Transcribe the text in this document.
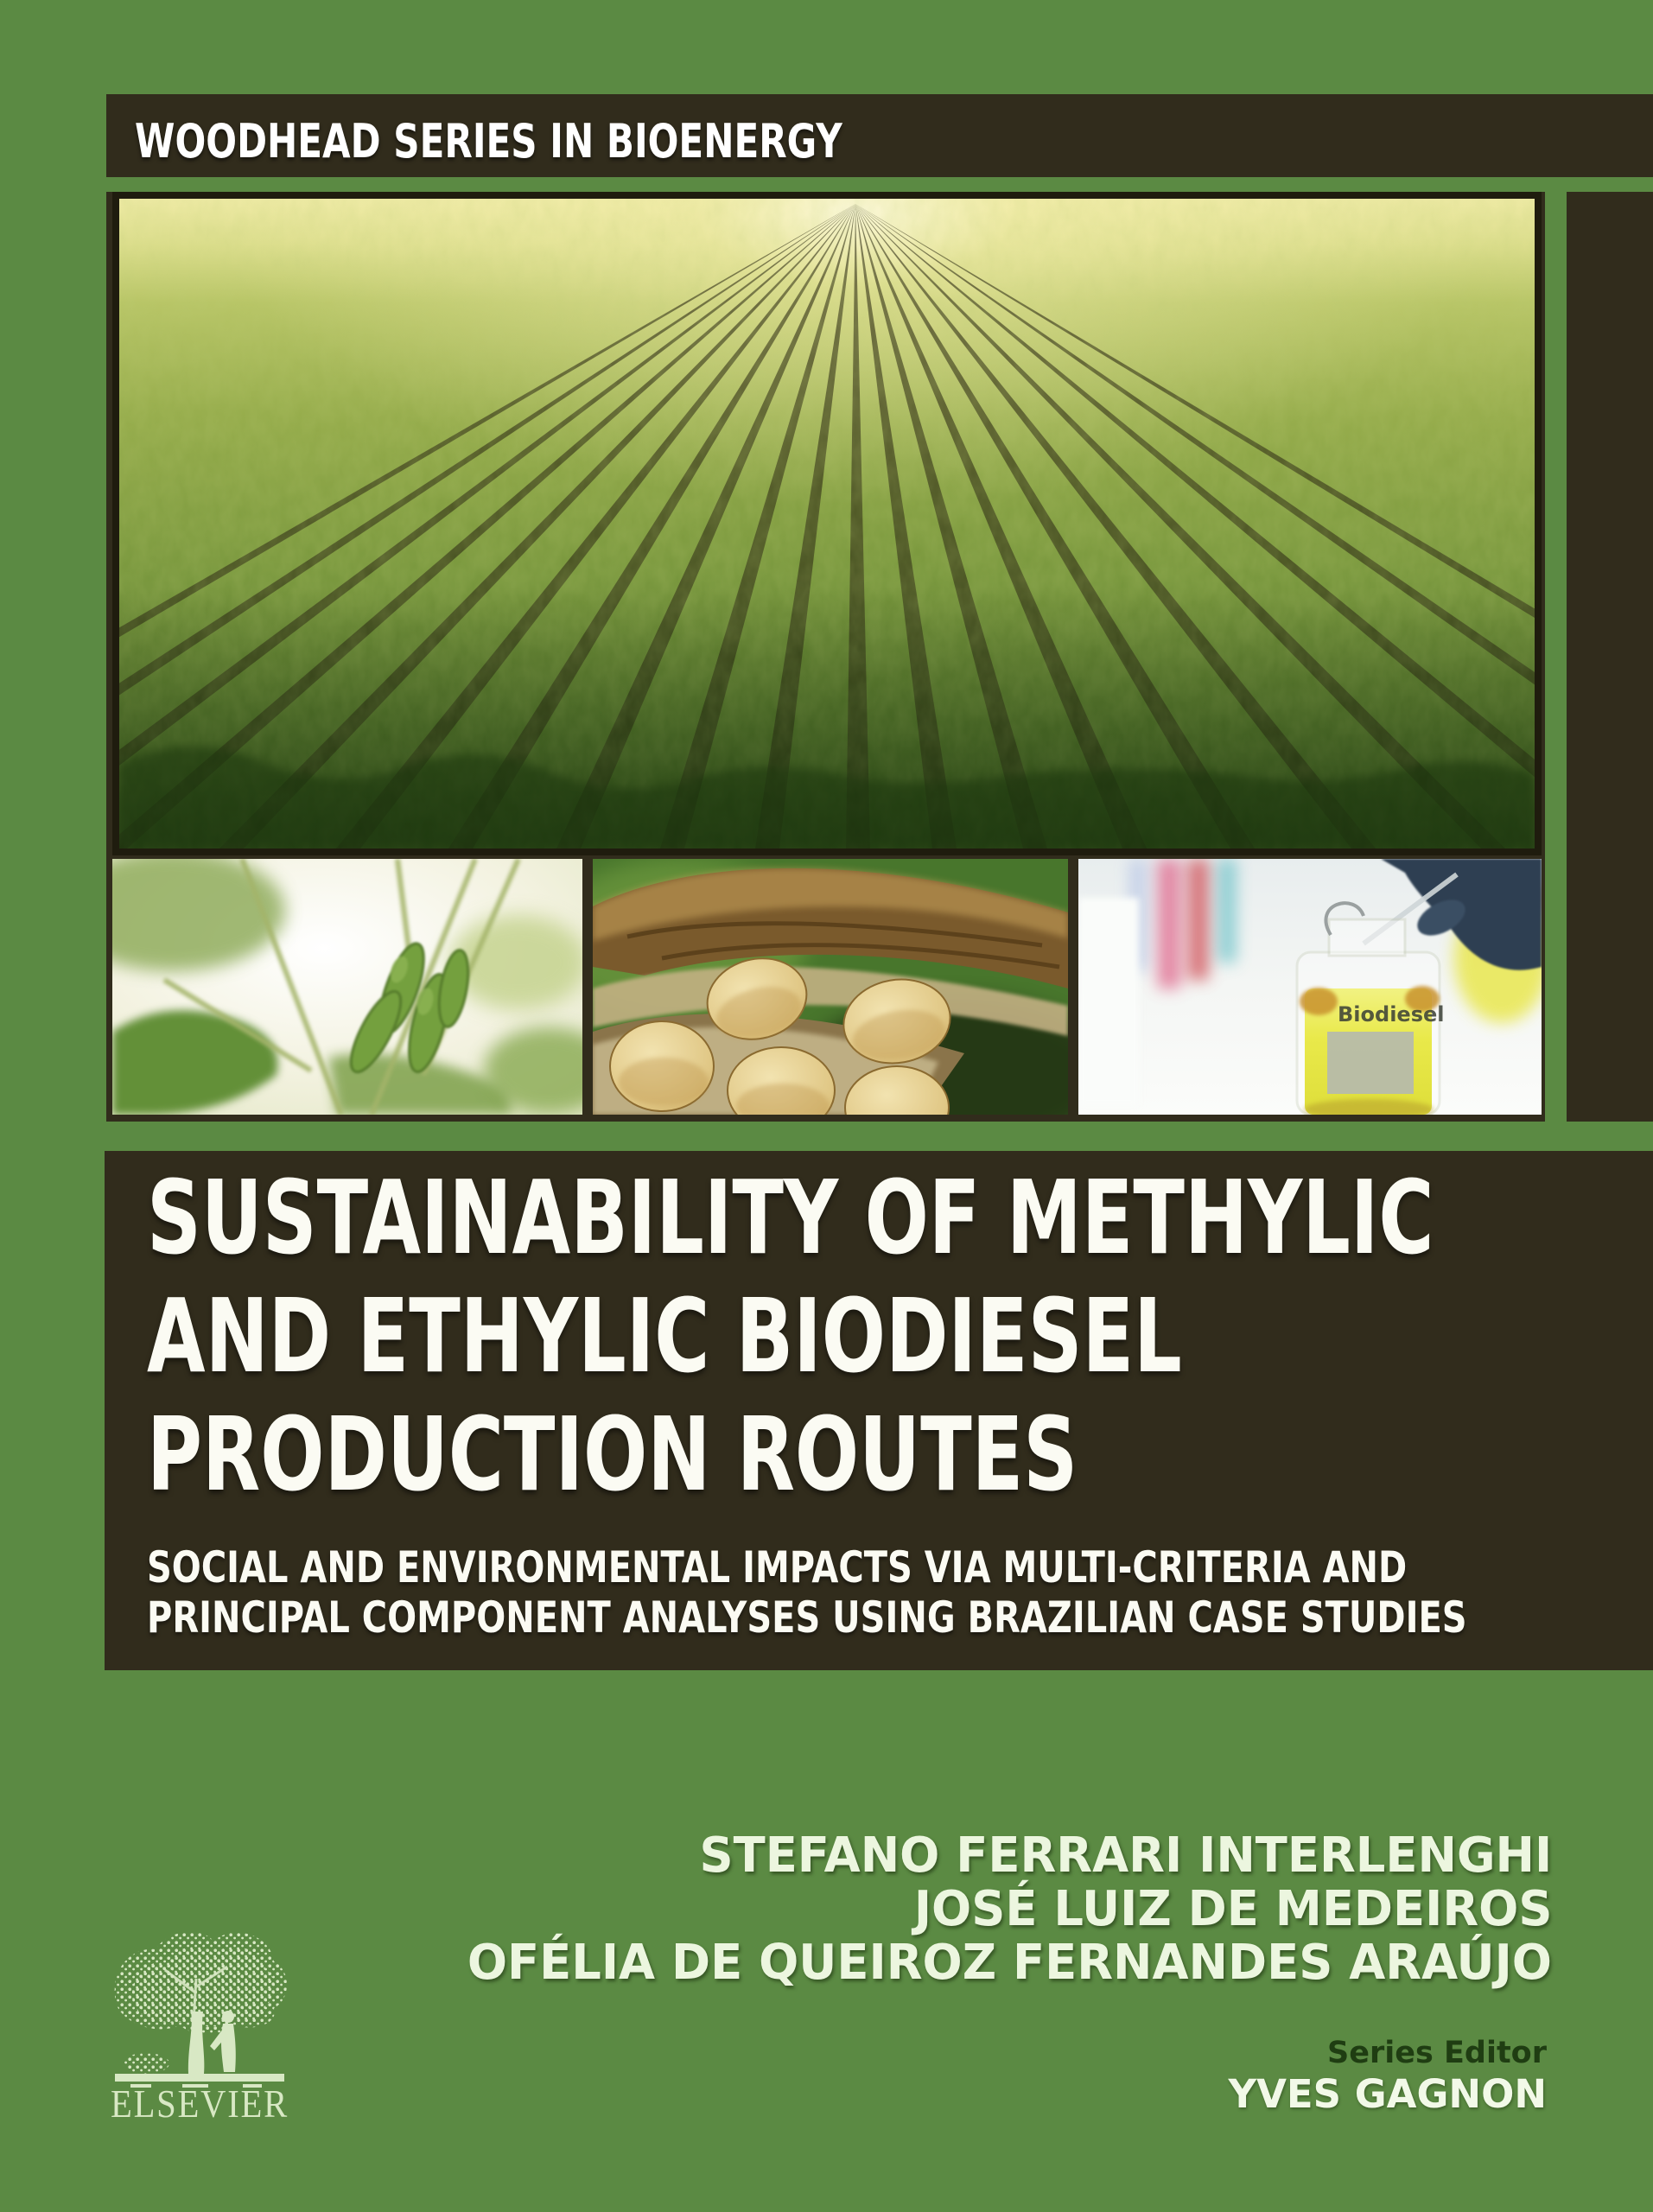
WOODHEAD SERIES IN BIOENERGY
Biodiesel
SUSTAINABILITY OF METHYLIC
AND ETHYLIC BIODIESEL
PRODUCTION ROUTES
SOCIAL AND ENVIRONMENTAL IMPACTS VIA MULTI-CRITERIA AND
PRINCIPAL COMPONENT ANALYSES USING BRAZILIAN CASE STUDIES
STEFANO FERRARI INTERLENGHI
JOSÉ LUIZ DE MEDEIROS
OFÉLIA DE QUEIROZ FERNANDES ARAÚJO
ELSEVIER
Series Editor
YVES GAGNON
